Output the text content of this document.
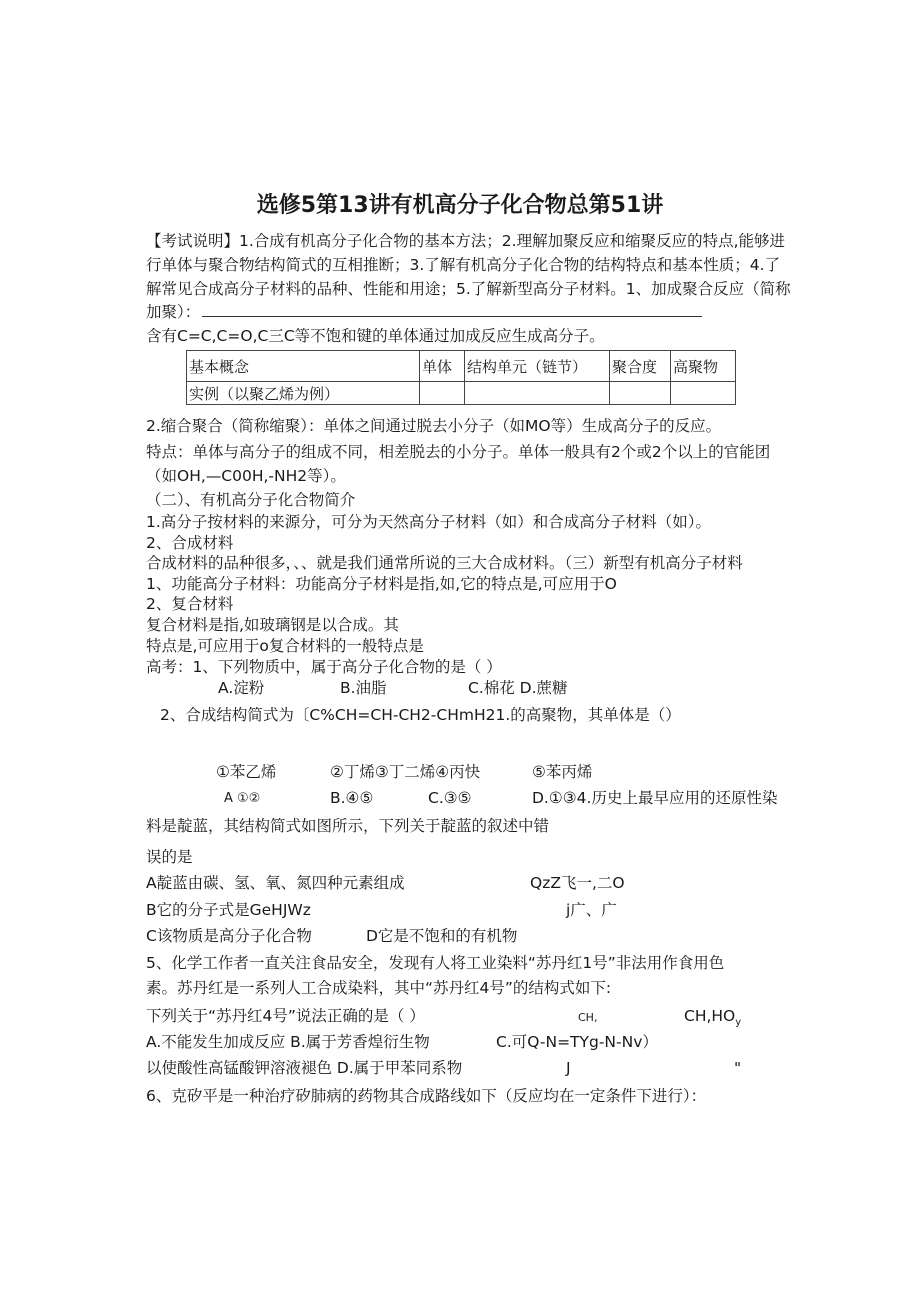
选修5第13讲有机高分子化合物总第51讲
【考试说明】1.合成有机高分子化合物的基本方法；2.理解加聚反应和缩聚反应的特点,能够进
行单体与聚合物结构简式的互相推断；3.了解有机高分子化合物的结构特点和基本性质；4.了
解常见合成高分子材料的品种、性能和用途；5.了解新型高分子材料。1、加成聚合反应（简称
加聚）：
含有C=C,C=O,C三C等不饱和键的单体通过加成反应生成高分子。
基本概念	单体	结构单元（链节）	聚合度	高聚物
实例（以聚乙烯为例）				
2.缩合聚合（简称缩聚）：单体之间通过脱去小分子（如MO等）生成高分子的反应。
特点：单体与高分子的组成不同，相差脱去的小分子。单体一般具有2个或2个以上的官能团
（如OH,—C00H,-NH2等）。
（二）、有机高分子化合物简介
1.高分子按材料的来源分，可分为天然高分子材料（如）和合成高分子材料（如）。
2、合成材料
合成材料的品种很多，、、就是我们通常所说的三大合成材料。（三）新型有机高分子材料
1、功能高分子材料：功能高分子材料是指,如,它的特点是,可应用于O
2、复合材料
复合材料是指,如玻璃钢是以合成。其
特点是,可应用于o复合材料的一般特点是
高考：1、下列物质中，属于高分子化合物的是（ ）
A.淀粉	B.油脂	C.棉花 D.蔗糖
2、合成结构简式为〔C%CH=CH-CH2-CHmH21.的高聚物，其单体是（）
①苯乙烯	②丁烯③丁二烯④丙快	⑤苯丙烯
A ①②	B.④⑤	C.③⑤	D.①③4.历史上最早应用的还原性染
料是靛蓝，其结构简式如图所示，下列关于靛蓝的叙述中错
误的是
A靛蓝由碳、氢、氧、氮四种元素组成	QzZ飞一,二O
B它的分子式是GeHJWz	j广、广
C该物质是高分子化合物	D它是不饱和的有机物
5、化学工作者一直关注食品安全，发现有人将工业染料“苏丹红1号”非法用作食用色
素。苏丹红是一系列人工合成染料，其中“苏丹红4号”的结构式如下:
下列关于“苏丹红4号”说法正确的是（ ）	CH,	$CH,HO_y$
A.不能发生加成反应 B.属于芳香煌衍生物	C.可Q-N=TYg-N-Nv）
以使酸性高锰酸钾溶液褪色 D.属于甲苯同系物	J	"
6、克矽平是一种治疗矽肺病的药物其合成路线如下（反应均在一定条件下进行）：
